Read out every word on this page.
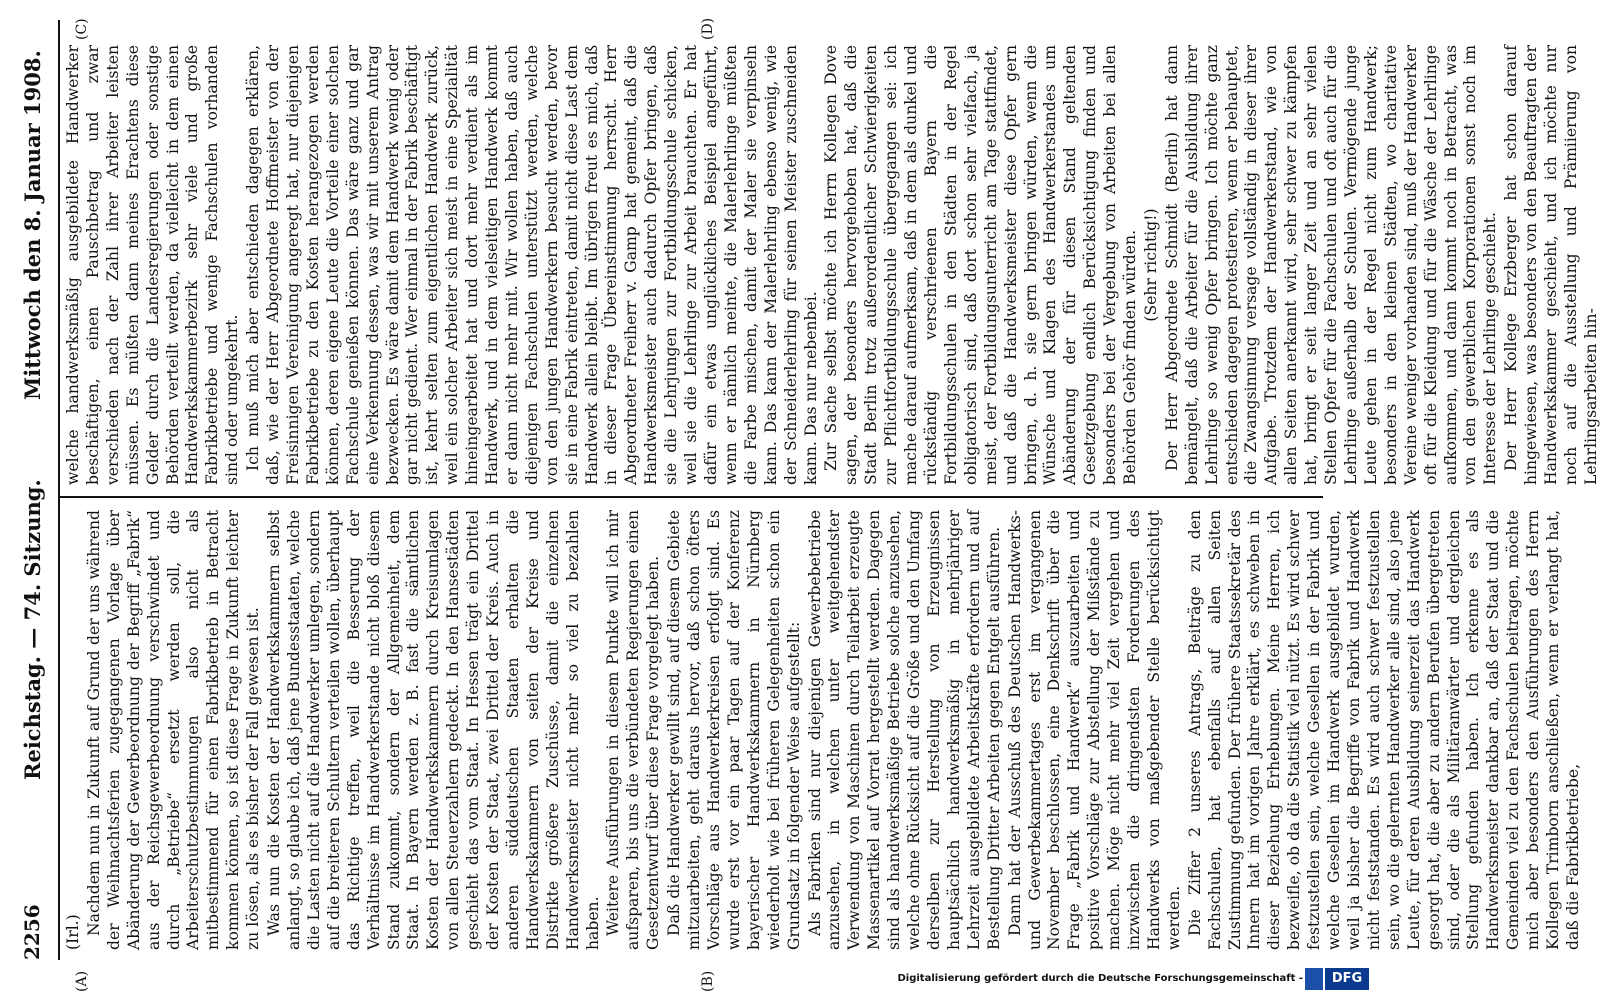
2256
Reichstag. — 74. Sitzung.
Mittwoch den 8. Januar 1908.
(A)	(B)
(C)	(D)

(Irl.) Nachdem nun in Zukunft auf Grund der uns während der Weihnachtsferien zugegangenen Vorlage über Abänderung der Gewerbeordnung der Begriff „Fabrik“ aus der Reichsgewerbeordnung verschwindet und durch „Betriebe“ ersetzt werden soll, die Arbeiterschutzbestimmungen also nicht als mitbestimmend für einen Fabrikbetrieb in Betracht kommen können, so ist diese Frage in Zukunft leichter zu lösen, als es bisher der Fall gewesen ist. Was nun die Kosten der Handwerkskammern selbst anlangt, so glaube ich, daß jene Bundesstaaten, welche die Lasten nicht auf die Handwerker umlegen, sondern auf die breiteren Schultern verteilen wollen, überhaupt das Richtige treffen, weil die Besserung der Verhältnisse im Handwerkerstande nicht bloß diesem Stand zukommt, sondern der Allgemeinheit, dem Staat. In Bayern werden z. B. fast die sämtlichen Kosten der Handwerkskammern durch Kreisumlagen von allen Steuerzahlern gedeckt. In den Hansestädten geschieht das vom Staat. In Hessen trägt ein Drittel der Kosten der Staat, zwei Drittel der Kreis. Auch in anderen süddeutschen Staaten erhalten die Handwerkskammern von seiten der Kreise und Distrikte größere Zuschüsse, damit die einzelnen Handwerksmeister nicht mehr so viel zu bezahlen haben. Weitere Ausführungen in diesem Punkte will ich mir aufsparen, bis uns die verbündeten Regierungen einen Gesetzentwurf über diese Frage vorgelegt haben. Daß die Handwerker gewillt sind, auf diesem Gebiete mitzuarbeiten, geht daraus hervor, daß schon öfters Vorschläge aus Handwerkerkreisen erfolgt sind. Es wurde erst vor ein paar Tagen auf der Konferenz bayerischer Handwerkskammern in Nürnberg wiederholt wie bei früheren Gelegenheiten schon ein Grundsatz in folgender Weise aufgestellt: Als Fabriken sind nur diejenigen Gewerbebetriebe anzusehen, in welchen unter weitgehendster Verwendung von Maschinen durch Teilarbeit erzeugte Massenartikel auf Vorrat hergestellt werden. Dagegen sind als handwerksmäßige Betriebe solche anzusehen, welche ohne Rücksicht auf die Größe und den Umfang derselben zur Herstellung von Erzeugnissen hauptsächlich handwerksmäßig in mehrjähriger Lehrzeit ausgebildete Arbeitskräfte erfordern und auf Bestellung Dritter Arbeiten gegen Entgelt ausführen. Dann hat der Ausschuß des Deutschen Handwerks- und Gewerbekammertages erst im vergangenen November beschlossen, eine Denkschrift über die Frage „Fabrik und Handwerk“ auszuarbeiten und positive Vorschläge zur Abstellung der Mißstände zu machen. Möge nicht mehr viel Zeit vergehen und inzwischen die dringendsten Forderungen des Handwerks von maßgebender Stelle berücksichtigt werden. Die Ziffer 2 unseres Antrags, Beiträge zu den Fachschulen, hat ebenfalls auf allen Seiten Zustimmung gefunden. Der frühere Staatssekretär des Innern hat im vorigen Jahre erklärt, es schweben in dieser Beziehung Erhebungen. Meine Herren, ich bezweifle, ob da die Statistik viel nützt. Es wird schwer festzustellen sein, welche Gesellen in der Fabrik und welche Gesellen im Handwerk ausgebildet wurden, weil ja bisher die Begriffe von Fabrik und Handwerk nicht feststanden. Es wird auch schwer festzustellen sein, wo die gelernten Handwerker alle sind, also jene Leute, für deren Ausbildung seinerzeit das Handwerk gesorgt hat, die aber zu andern Berufen übergetreten sind, oder die als Militäranwärter und dergleichen Stellung gefunden haben. Ich erkenne es als Handwerksmeister dankbar an, daß der Staat und die Gemeinden viel zu den Fachschulen beitragen, möchte mich aber besonders den Ausführungen des Herrn Kollegen Trimborn anschließen, wenn er verlangt hat, daß die Fabrikbetriebe,

welche handwerksmäßig ausgebildete Handwerker beschäftigen, einen Pauschbetrag und zwar verschieden nach der Zahl ihrer Arbeiter leisten müssen. Es müßten dann meines Erachtens diese Gelder durch die Landesregierungen oder sonstige Behörden verteilt werden, da vielleicht in dem einen Handwerkskammerbezirk sehr viele und große Fabrikbetriebe und wenige Fachschulen vorhanden sind oder umgekehrt. Ich muß mich aber entschieden dagegen erklären, daß, wie der Herr Abgeordnete Hoffmeister von der Freisinnigen Vereinigung angeregt hat, nur diejenigen Fabrikbetriebe zu den Kosten herangezogen werden können, deren eigene Leute die Vorteile einer solchen Fachschule genießen können. Das wäre ganz und gar eine Verkennung dessen, was wir mit unserem Antrag bezwecken. Es wäre damit dem Handwerk wenig oder gar nicht gedient. Wer einmal in der Fabrik beschäftigt ist, kehrt selten zum eigentlichen Handwerk zurück, weil ein solcher Arbeiter sich meist in eine Spezialität hineingearbeitet hat und dort mehr verdient als im Handwerk, und in dem vielseitigen Handwerk kommt er dann nicht mehr mit. Wir wollen haben, daß auch diejenigen Fachschulen unterstützt werden, welche von den jungen Handwerkern besucht werden, bevor sie in eine Fabrik eintreten, damit nicht diese Last dem Handwerk allein bleibt. Im übrigen freut es mich, daß in dieser Frage Übereinstimmung herrscht. Herr Abgeordneter Freiherr v. Gamp hat gemeint, daß die Handwerksmeister auch dadurch Opfer bringen, daß sie die Lehrjungen zur Fortbildungsschule schicken, weil sie die Lehrlinge zur Arbeit brauchten. Er hat dafür ein etwas unglückliches Beispiel angeführt, wenn er nämlich meinte, die Malerlehrlinge müßten die Farbe mischen, damit der Maler sie verpinseln kann. Das kann der Malerlehrling ebenso wenig, wie der Schneiderlehrling für seinen Meister zuschneiden kann. Das nur nebenbei. Zur Sache selbst möchte ich Herrn Kollegen Dove sagen, der besonders hervorgehoben hat, daß die Stadt Berlin trotz außerordentlicher Schwierigkeiten zur Pflichtfortbildungsschule übergegangen sei: ich mache darauf aufmerksam, daß in dem als dunkel und rückständig verschrieenen Bayern die Fortbildungsschulen in den Städten in der Regel obligatorisch sind, daß dort schon sehr vielfach, ja meist, der Fortbildungsunterricht am Tage stattfindet, und daß die Handwerksmeister diese Opfer gern bringen, d. h. sie gern bringen würden, wenn die Wünsche und Klagen des Handwerkerstandes um Abänderung der für diesen Stand geltenden Gesetzgebung endlich Berücksichtigung finden und besonders bei der Vergebung von Arbeiten bei allen Behörden Gehör finden würden. (Sehr richtig!) Der Herr Abgeordnete Schmidt (Berlin) hat dann bemängelt, daß die Arbeiter für die Ausbildung ihrer Lehrlinge so wenig Opfer bringen. Ich möchte ganz entschieden dagegen protestieren, wenn er behauptet, die Zwangsinnung versage vollständig in dieser ihrer Aufgabe. Trotzdem der Handwerkerstand, wie von allen Seiten anerkannt wird, sehr schwer zu kämpfen hat, bringt er seit langer Zeit und an sehr vielen Stellen Opfer für die Fachschulen und oft auch für die Lehrlinge außerhalb der Schulen. Vermögende junge Leute gehen in der Regel nicht zum Handwerk; besonders in den kleinen Städten, wo charitative Vereine weniger vorhanden sind, muß der Handwerker oft für die Kleidung und für die Wäsche der Lehrlinge aufkommen, und dann kommt noch in Betracht, was von den gewerblichen Korporationen sonst noch im Interesse der Lehrlinge geschieht. Der Herr Kollege Erzberger hat schon darauf hingewiesen, was besonders von den Beauftragten der Handwerkskammer geschieht, und ich möchte nur noch auf die Ausstellung und Prämiierung von Lehrlingsarbeiten hin-

Digitalisierung gefördert durch die Deutsche Forschungsgemeinschaft -	DFG
